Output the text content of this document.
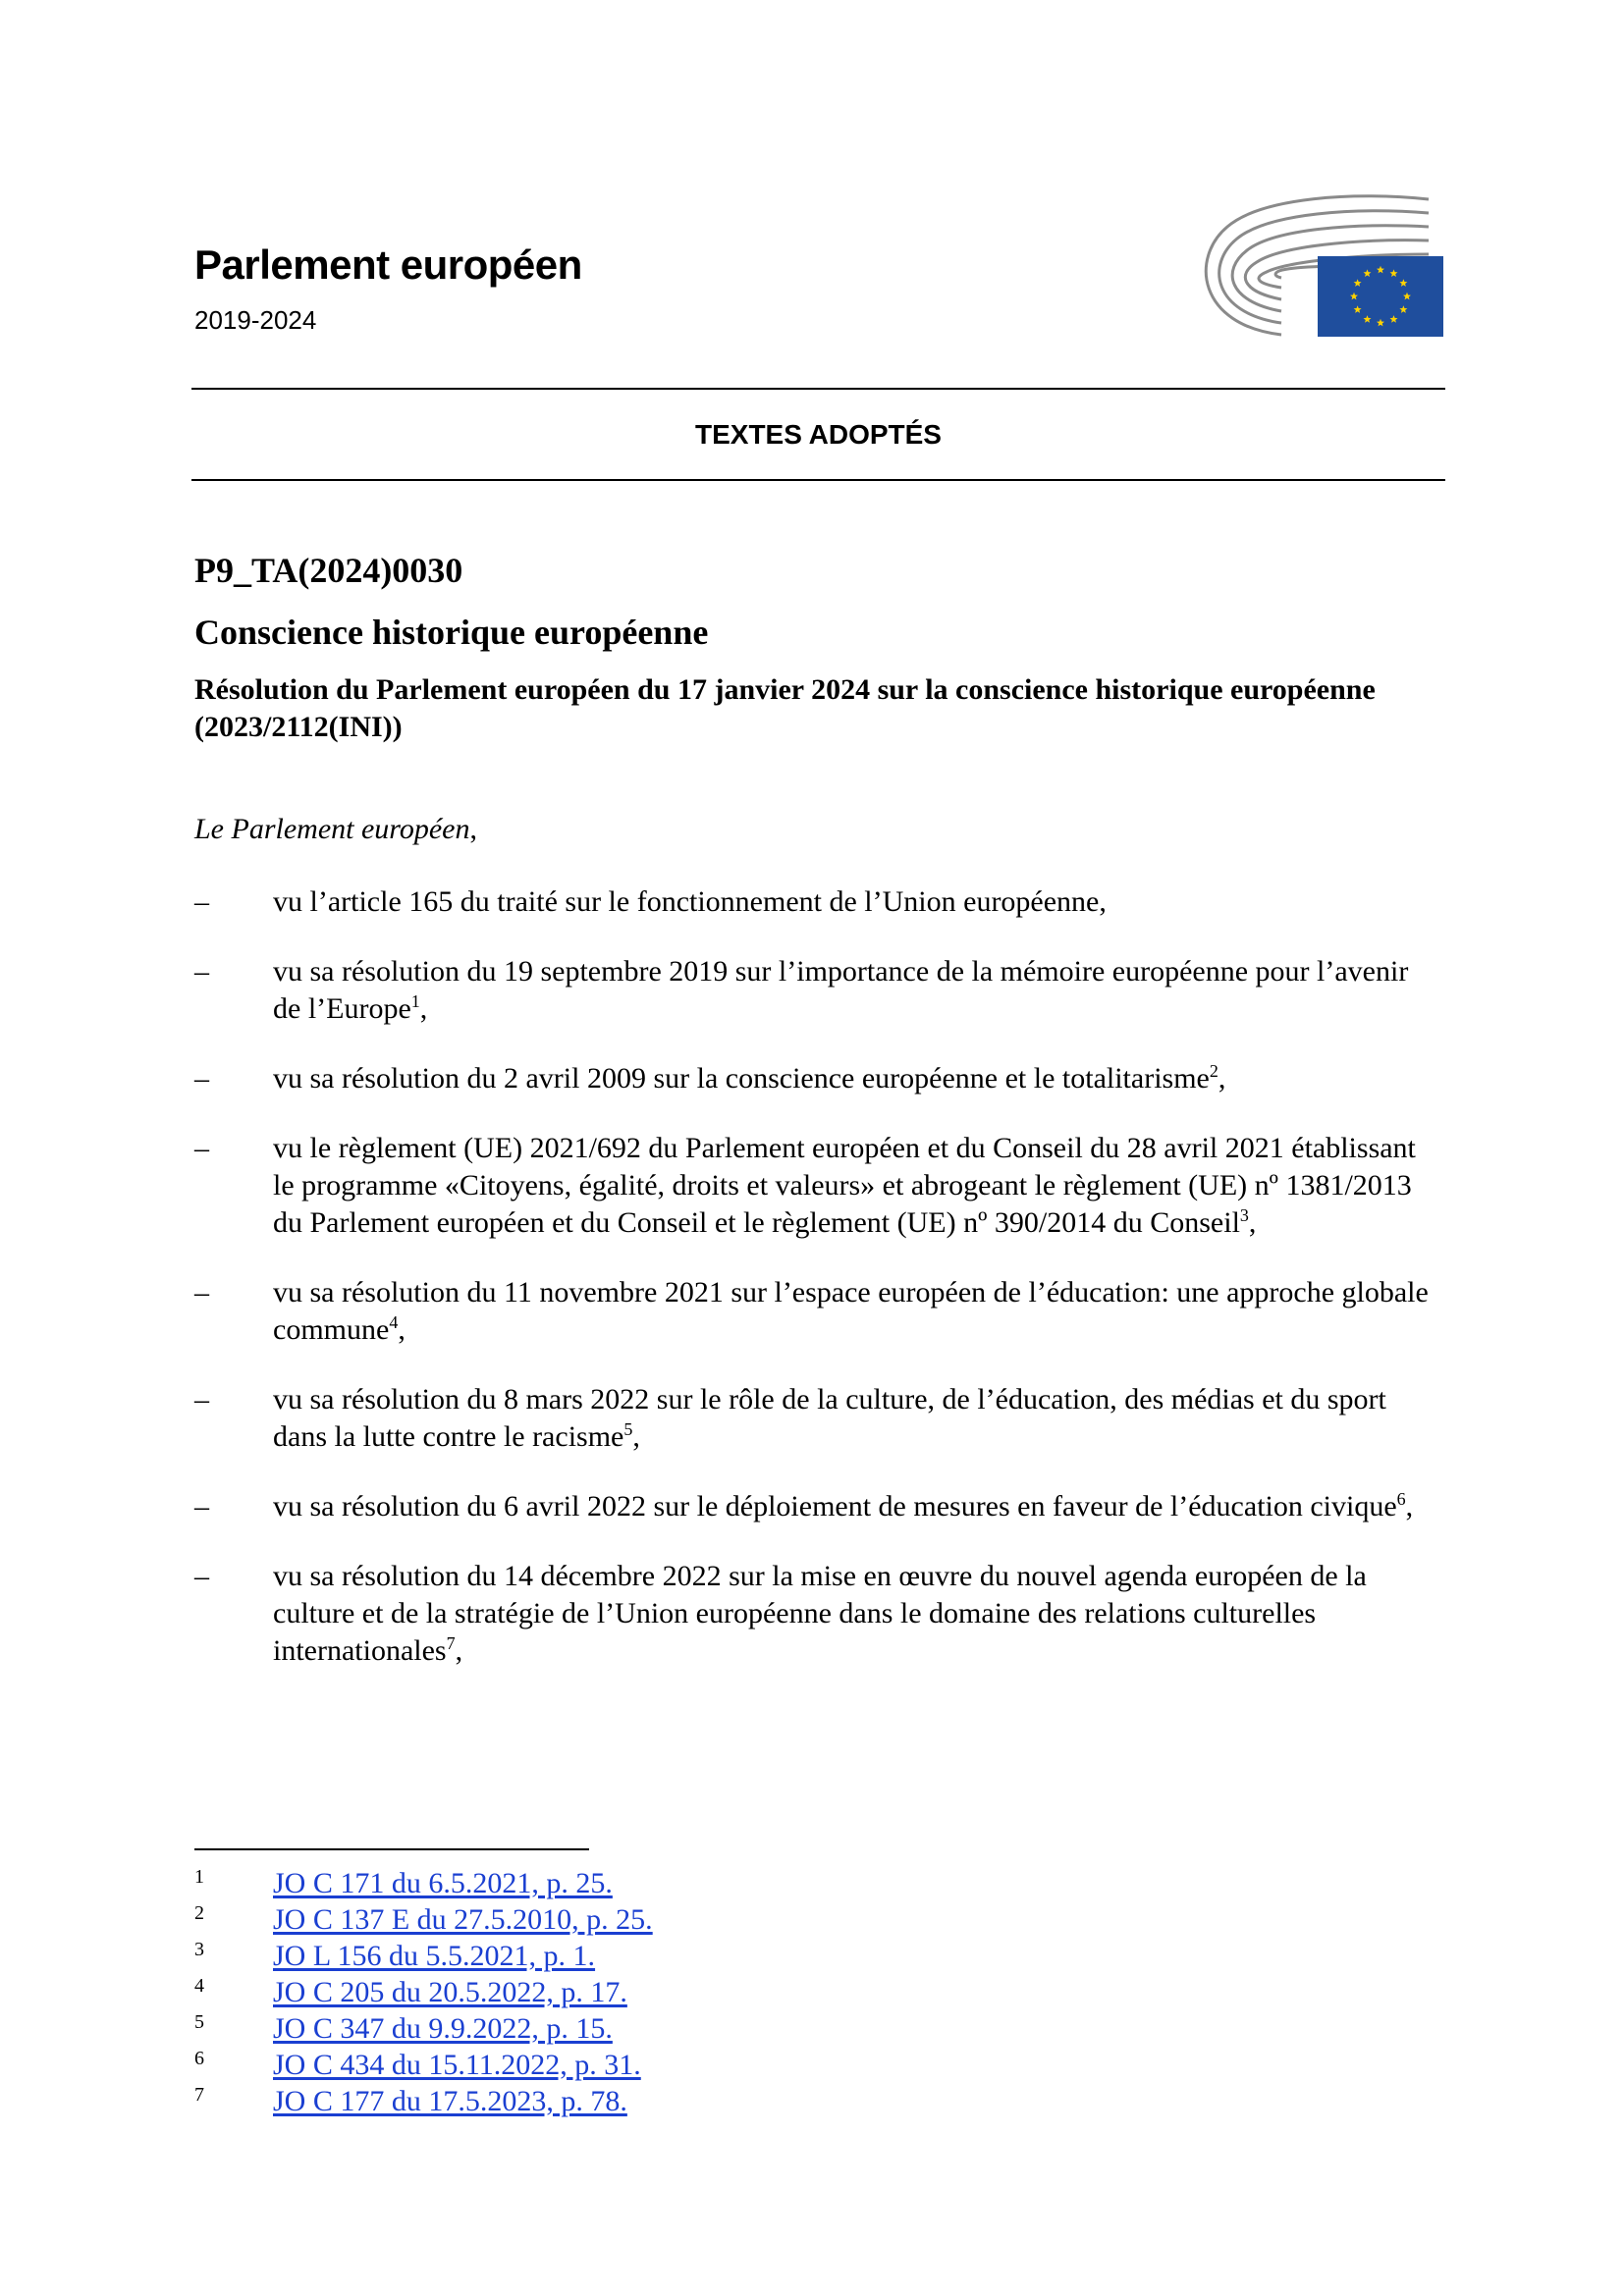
Parlement européen

2019-2024

TEXTES ADOPTÉS

P9_TA(2024)0030
Conscience historique européenne

Résolution du Parlement européen du 17 janvier 2024 sur la conscience historique européenne (2023/2112(INI))

Le Parlement européen,

– vu l’article 165 du traité sur le fonctionnement de l’Union européenne,
– vu sa résolution du 19 septembre 2019 sur l’importance de la mémoire européenne pour l’avenir de l’Europe$^1$,
– vu sa résolution du 2 avril 2009 sur la conscience européenne et le totalitarisme$^2$,
– vu le règlement (UE) 2021/692 du Parlement européen et du Conseil du 28 avril 2021 établissant le programme «Citoyens, égalité, droits et valeurs» et abrogeant le règlement (UE) nº 1381/2013 du Parlement européen et du Conseil et le règlement (UE) nº 390/2014 du Conseil$^3$,
– vu sa résolution du 11 novembre 2021 sur l’espace européen de l’éducation: une approche globale commune$^4$,
– vu sa résolution du 8 mars 2022 sur le rôle de la culture, de l’éducation, des médias et du sport dans la lutte contre le racisme$^5$,
– vu sa résolution du 6 avril 2022 sur le déploiement de mesures en faveur de l’éducation civique$^6$,
– vu sa résolution du 14 décembre 2022 sur la mise en œuvre du nouvel agenda européen de la culture et de la stratégie de l’Union européenne dans le domaine des relations culturelles internationales$^7$,
1 JO C 171 du 6.5.2021, p. 25.
2 JO C 137 E du 27.5.2010, p. 25.
3 JO L 156 du 5.5.2021, p. 1.
4 JO C 205 du 20.5.2022, p. 17.
5 JO C 347 du 9.9.2022, p. 15.
6 JO C 434 du 15.11.2022, p. 31.
7 JO C 177 du 17.5.2023, p. 78.
